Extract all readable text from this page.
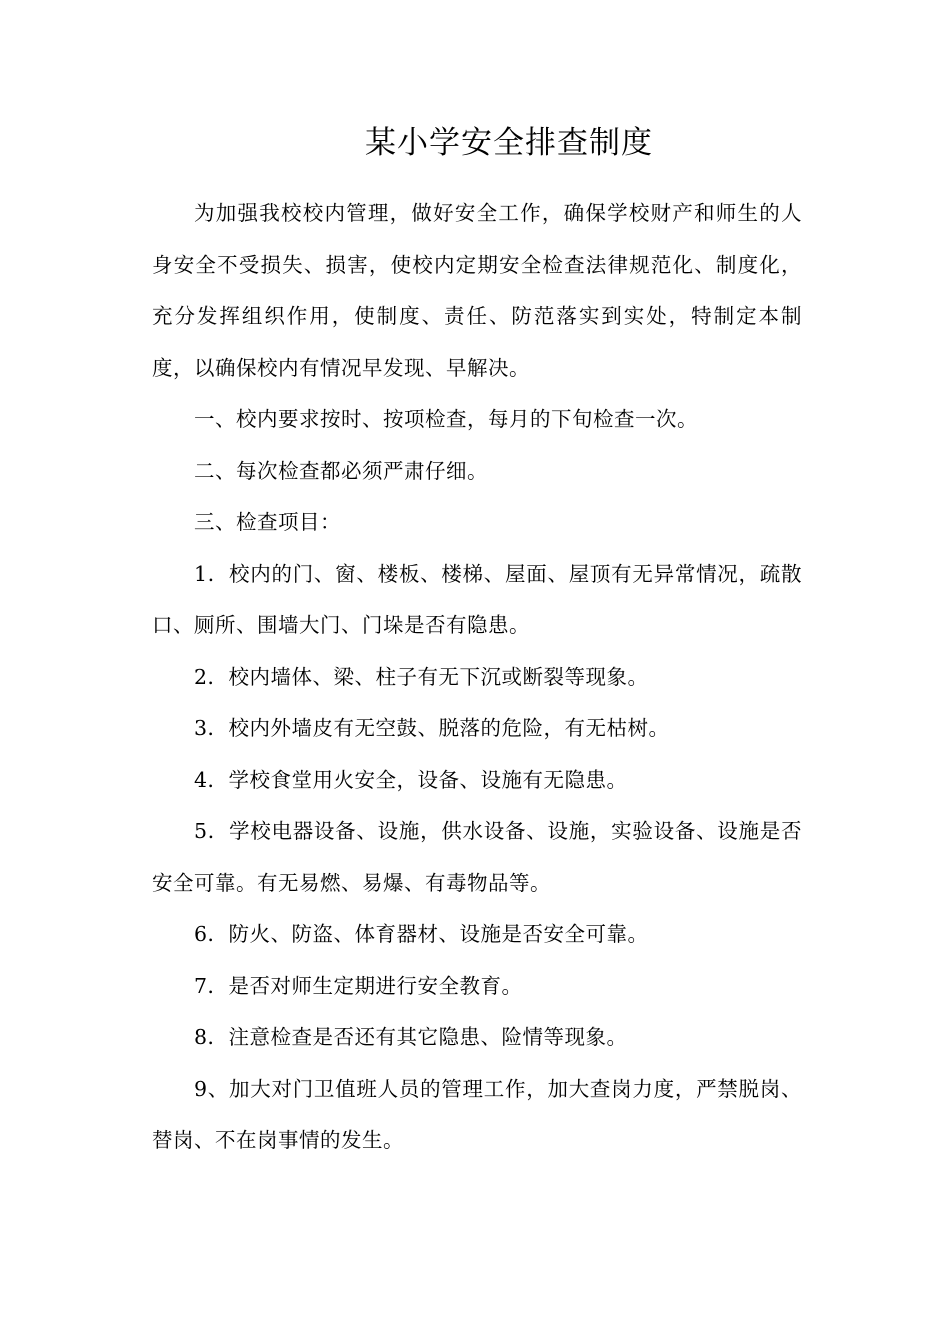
某小学安全排查制度

为加强我校校内管理，做好安全工作，确保学校财产和师生的人身安全不受损失、损害，使校内定期安全检查法律规范化、制度化，充分发挥组织作用，使制度、责任、防范落实到实处，特制定本制度，以确保校内有情况早发现、早解决。

一、校内要求按时、按项检查，每月的下旬检查一次。

二、每次检查都必须严肃仔细。

三、检查项目：

1．校内的门、窗、楼板、楼梯、屋面、屋顶有无异常情况，疏散口、厕所、围墙大门、门垛是否有隐患。

2．校内墙体、梁、柱子有无下沉或断裂等现象。

3．校内外墙皮有无空鼓、脱落的危险，有无枯树。

4．学校食堂用火安全，设备、设施有无隐患。

5．学校电器设备、设施，供水设备、设施，实验设备、设施是否安全可靠。有无易燃、易爆、有毒物品等。

6．防火、防盗、体育器材、设施是否安全可靠。

7．是否对师生定期进行安全教育。

8．注意检查是否还有其它隐患、险情等现象。

9、加大对门卫值班人员的管理工作，加大查岗力度，严禁脱岗、替岗、不在岗事情的发生。
